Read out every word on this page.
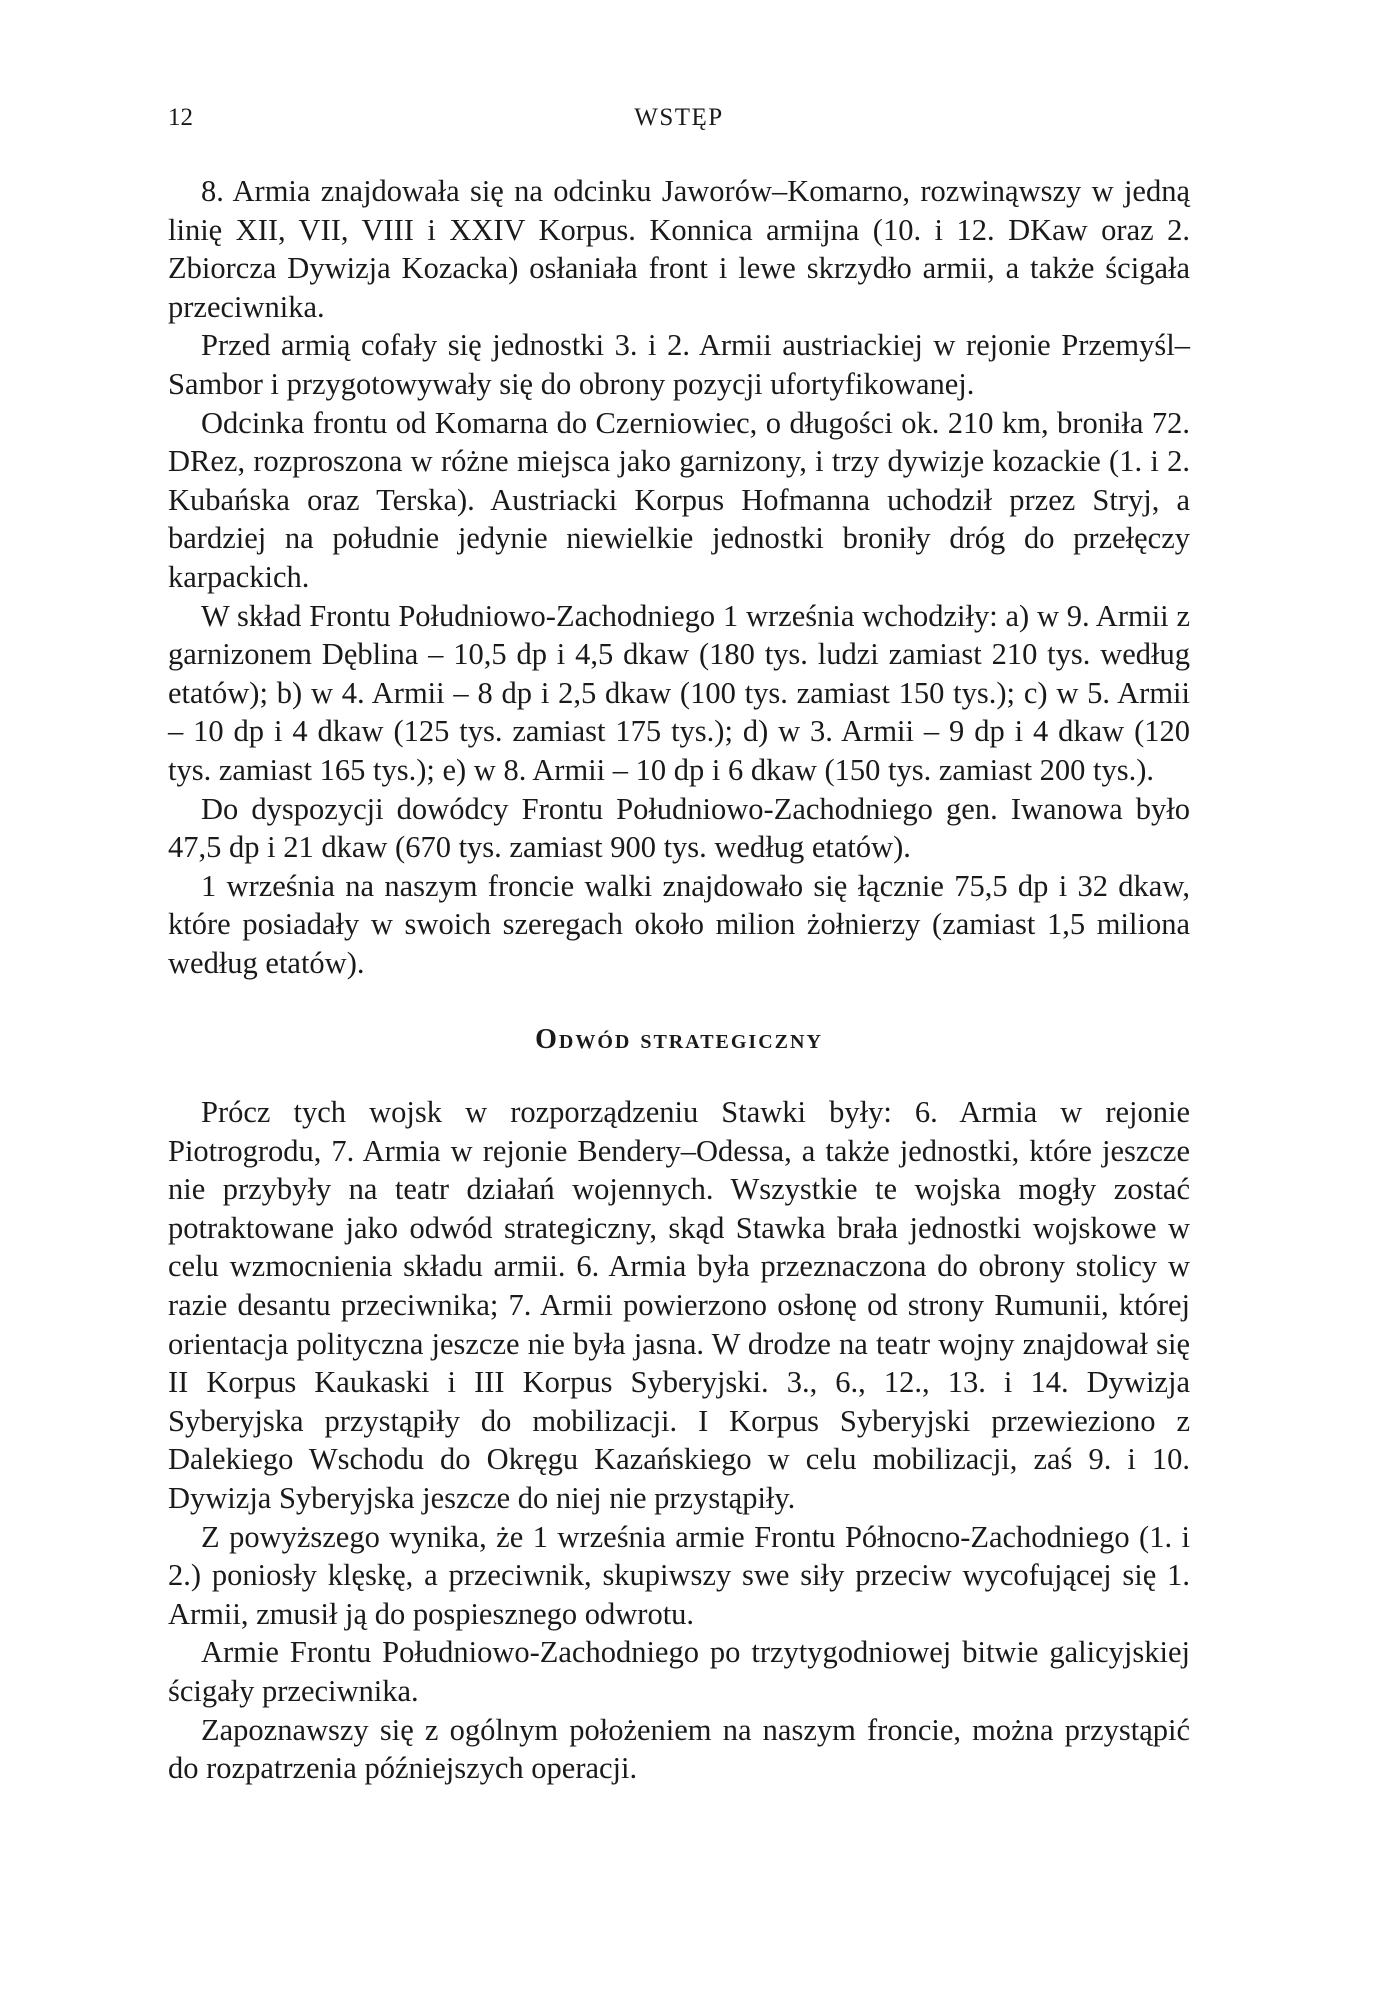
12	WSTĘP

8. Armia znajdowała się na odcinku Jaworów–Komarno, rozwinąwszy w jedną linię XII, VII, VIII i XXIV Korpus. Konnica armijna (10. i 12. DKaw oraz 2. Zbiorcza Dywizja Kozacka) osłaniała front i lewe skrzydło armii, a także ścigała przeciwnika.

Przed armią cofały się jednostki 3. i 2. Armii austriackiej w rejonie Przemyśl–Sambor i przygotowywały się do obrony pozycji ufortyfikowanej.

Odcinka frontu od Komarna do Czerniowiec, o długości ok. 210 km, broniła 72. DRez, rozproszona w różne miejsca jako garnizony, i trzy dywizje kozackie (1. i 2. Kubańska oraz Terska). Austriacki Korpus Hofmanna uchodził przez Stryj, a bardziej na południe jedynie niewielkie jednostki broniły dróg do przełęczy karpackich.

W skład Frontu Południowo-Zachodniego 1 września wchodziły: a) w 9. Armii z garnizonem Dęblina – 10,5 dp i 4,5 dkaw (180 tys. ludzi zamiast 210 tys. według etatów); b) w 4. Armii – 8 dp i 2,5 dkaw (100 tys. zamiast 150 tys.); c) w 5. Armii – 10 dp i 4 dkaw (125 tys. zamiast 175 tys.); d) w 3. Armii – 9 dp i 4 dkaw (120 tys. zamiast 165 tys.); e) w 8. Armii – 10 dp i 6 dkaw (150 tys. zamiast 200 tys.).

Do dyspozycji dowódcy Frontu Południowo-Zachodniego gen. Iwanowa było 47,5 dp i 21 dkaw (670 tys. zamiast 900 tys. według etatów).

1 września na naszym froncie walki znajdowało się łącznie 75,5 dp i 32 dkaw, które posiadały w swoich szeregach około milion żołnierzy (zamiast 1,5 miliona według etatów).

Odwód strategiczny

Prócz tych wojsk w rozporządzeniu Stawki były: 6. Armia w rejonie Piotrogrodu, 7. Armia w rejonie Bendery–Odessa, a także jednostki, które jeszcze nie przybyły na teatr działań wojennych. Wszystkie te wojska mogły zostać potraktowane jako odwód strategiczny, skąd Stawka brała jednostki wojskowe w celu wzmocnienia składu armii. 6. Armia była przeznaczona do obrony stolicy w razie desantu przeciwnika; 7. Armii powierzono osłonę od strony Rumunii, której orientacja polityczna jeszcze nie była jasna. W drodze na teatr wojny znajdował się II Korpus Kaukaski i III Korpus Syberyjski. 3., 6., 12., 13. i 14. Dywizja Syberyjska przystąpiły do mobilizacji. I Korpus Syberyjski przewieziono z Dalekiego Wschodu do Okręgu Kazańskiego w celu mobilizacji, zaś 9. i 10. Dywizja Syberyjska jeszcze do niej nie przystąpiły.

Z powyższego wynika, że 1 września armie Frontu Północno-Zachodniego (1. i 2.) poniosły klęskę, a przeciwnik, skupiwszy swe siły przeciw wycofującej się 1. Armii, zmusił ją do pospiesznego odwrotu.

Armie Frontu Południowo-Zachodniego po trzytygodniowej bitwie galicyjskiej ścigały przeciwnika.

Zapoznawszy się z ogólnym położeniem na naszym froncie, można przystąpić do rozpatrzenia późniejszych operacji.
